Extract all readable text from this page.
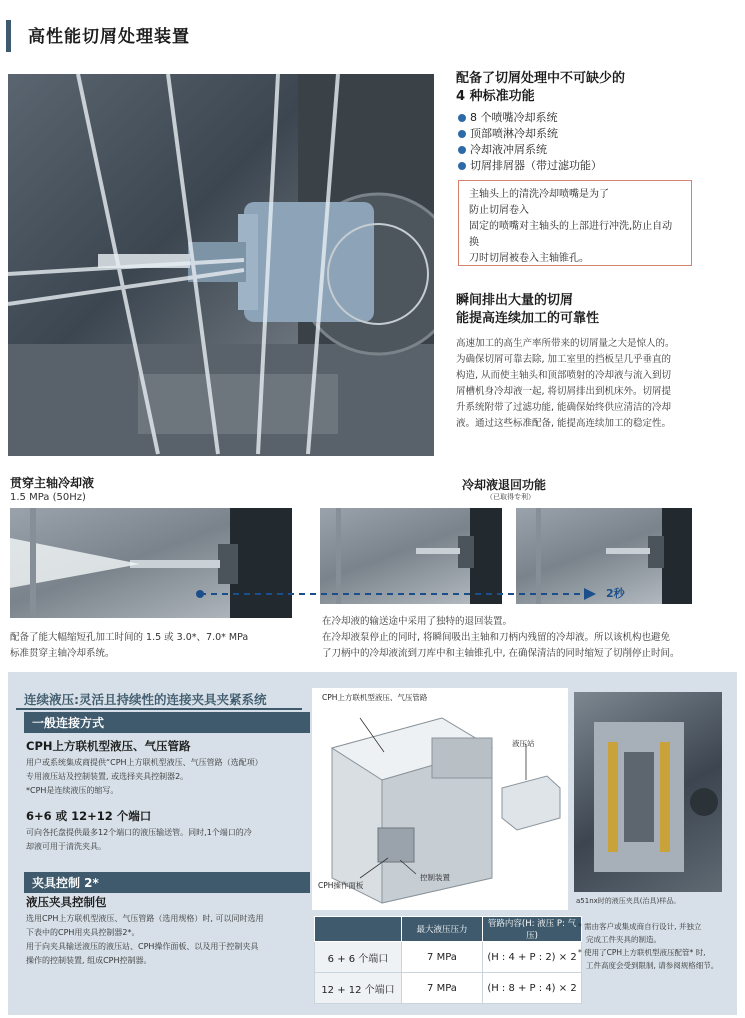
高性能切屑处理装置
配备了切屑处理中不可缺少的
4 种标准功能
8 个喷嘴冷却系统
顶部喷淋冷却系统
冷却液冲屑系统
切屑排屑器（带过滤功能）
主轴头上的清洗冷却喷嘴是为了
防止切屑卷入
固定的喷嘴对主轴头的上部进行冲洗,防止自动换
刀时切屑被卷入主轴锥孔。
瞬间排出大量的切屑
能提高连续加工的可靠性
高速加工的高生产率所带来的切屑量之大是惊人的。
为确保切屑可靠去除, 加工室里的挡板呈几乎垂直的
构造, 从而使主轴头和顶部喷射的冷却液与流入到切
屑槽机身冷却液一起, 将切屑排出到机床外。切屑提
升系统附带了过滤功能, 能确保始终供应清洁的冷却
液。通过这些标准配备, 能提高连续加工的稳定性。
贯穿主轴冷却液
1.5 MPa (50Hz)
冷却液退回功能
（已取得专利）
2秒
配备了能大幅缩短孔加工时间的 1.5 或 3.0*、7.0* MPa
标准贯穿主轴冷却系统。
在冷却液的输送途中采用了独特的退回装置。
在冷却液泵停止的同时, 将瞬间吸出主轴和刀柄内残留的冷却液。所以该机构也避免
了刀柄中的冷却液流到刀库中和主轴锥孔中, 在确保清洁的同时缩短了切削停止时间。
连续液压:灵活且持续性的连接夹具夹紧系统
一般连接方式
CPH上方联机型液压、气压管路
用户或系统集成商提供“CPH上方联机型液压、气压管路（选配项）
专用液压站及控制装置, 或选择夹具控制器2。
*CPH是连续液压的缩写。
6+6 或 12+12 个端口
可向各托盘提供最多12个端口的液压输送管。同时,1个端口的冷
却液可用于清洗夹具。
夹具控制 2*
液压夹具控制包
选用CPH上方联机型液压、气压管路（选用规格）时, 可以同时选用
下表中的CPH用夹具控制器2*。
用于向夹具输送液压的液压站、CPH操作面板、以及用于控制夹具
操作的控制装置, 组成CPH控制器。
CPH上方联机型液压、气压管路
液压站
CPH操作面板
控制装置
a51nx时的液压夹具(治具)样品。
	最大液压压力	管路内容(H: 液压 P: 气压)
6 + 6 个端口	7 MPa	(H : 4 + P : 2) × 2
12 + 12 个端口	7 MPa	(H : 8 + P : 4) × 2
* 需由客户或集成商自行设计, 并独立
完成工件夹具的制造。
* 使用了CPH上方联机型液压配管* 时,
工件高度会受到限制, 请参阅规格细节。
